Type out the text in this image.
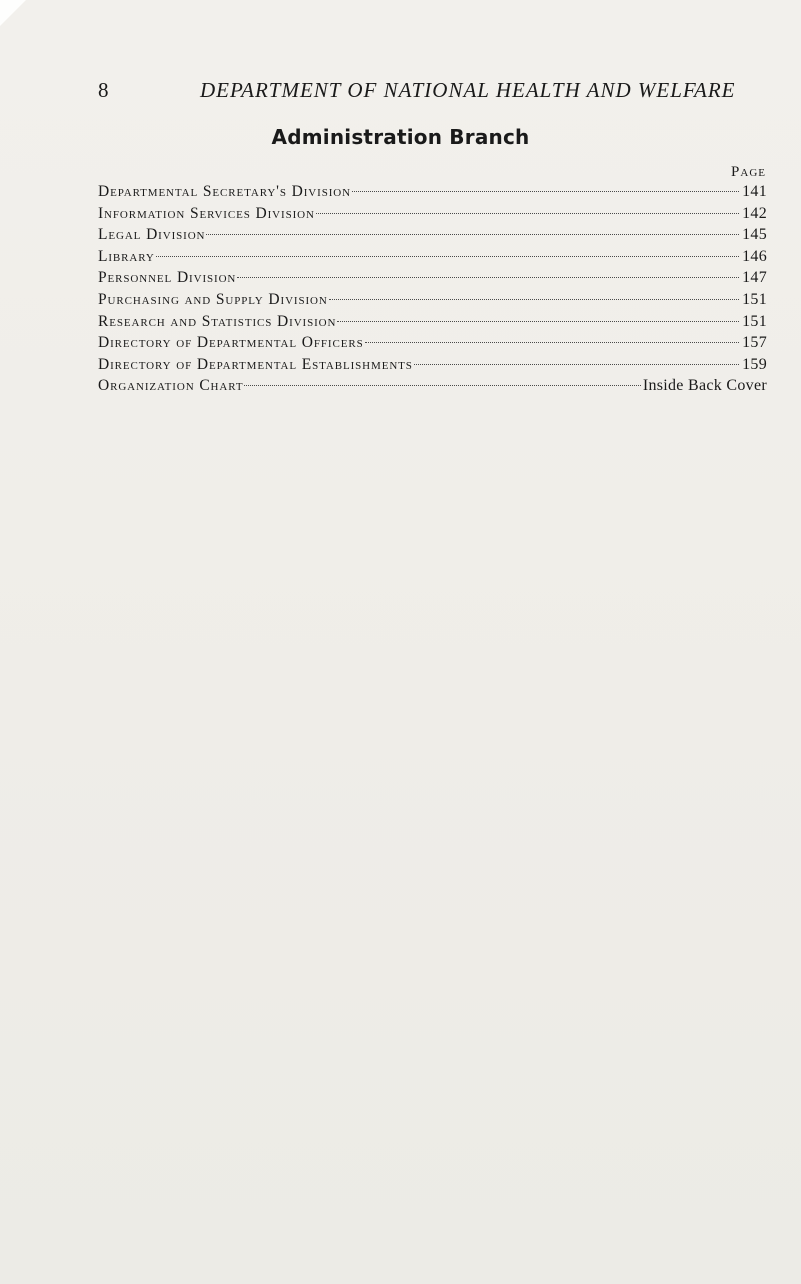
8	DEPARTMENT OF NATIONAL HEALTH AND WELFARE
Administration Branch
Page
Departmental Secretary's Division	141
Information Services Division	142
Legal Division	145
Library	146
Personnel Division	147
Purchasing and Supply Division	151
Research and Statistics Division	151
Directory of Departmental Officers	157
Directory of Departmental Establishments	159
Organization Chart	Inside Back Cover
